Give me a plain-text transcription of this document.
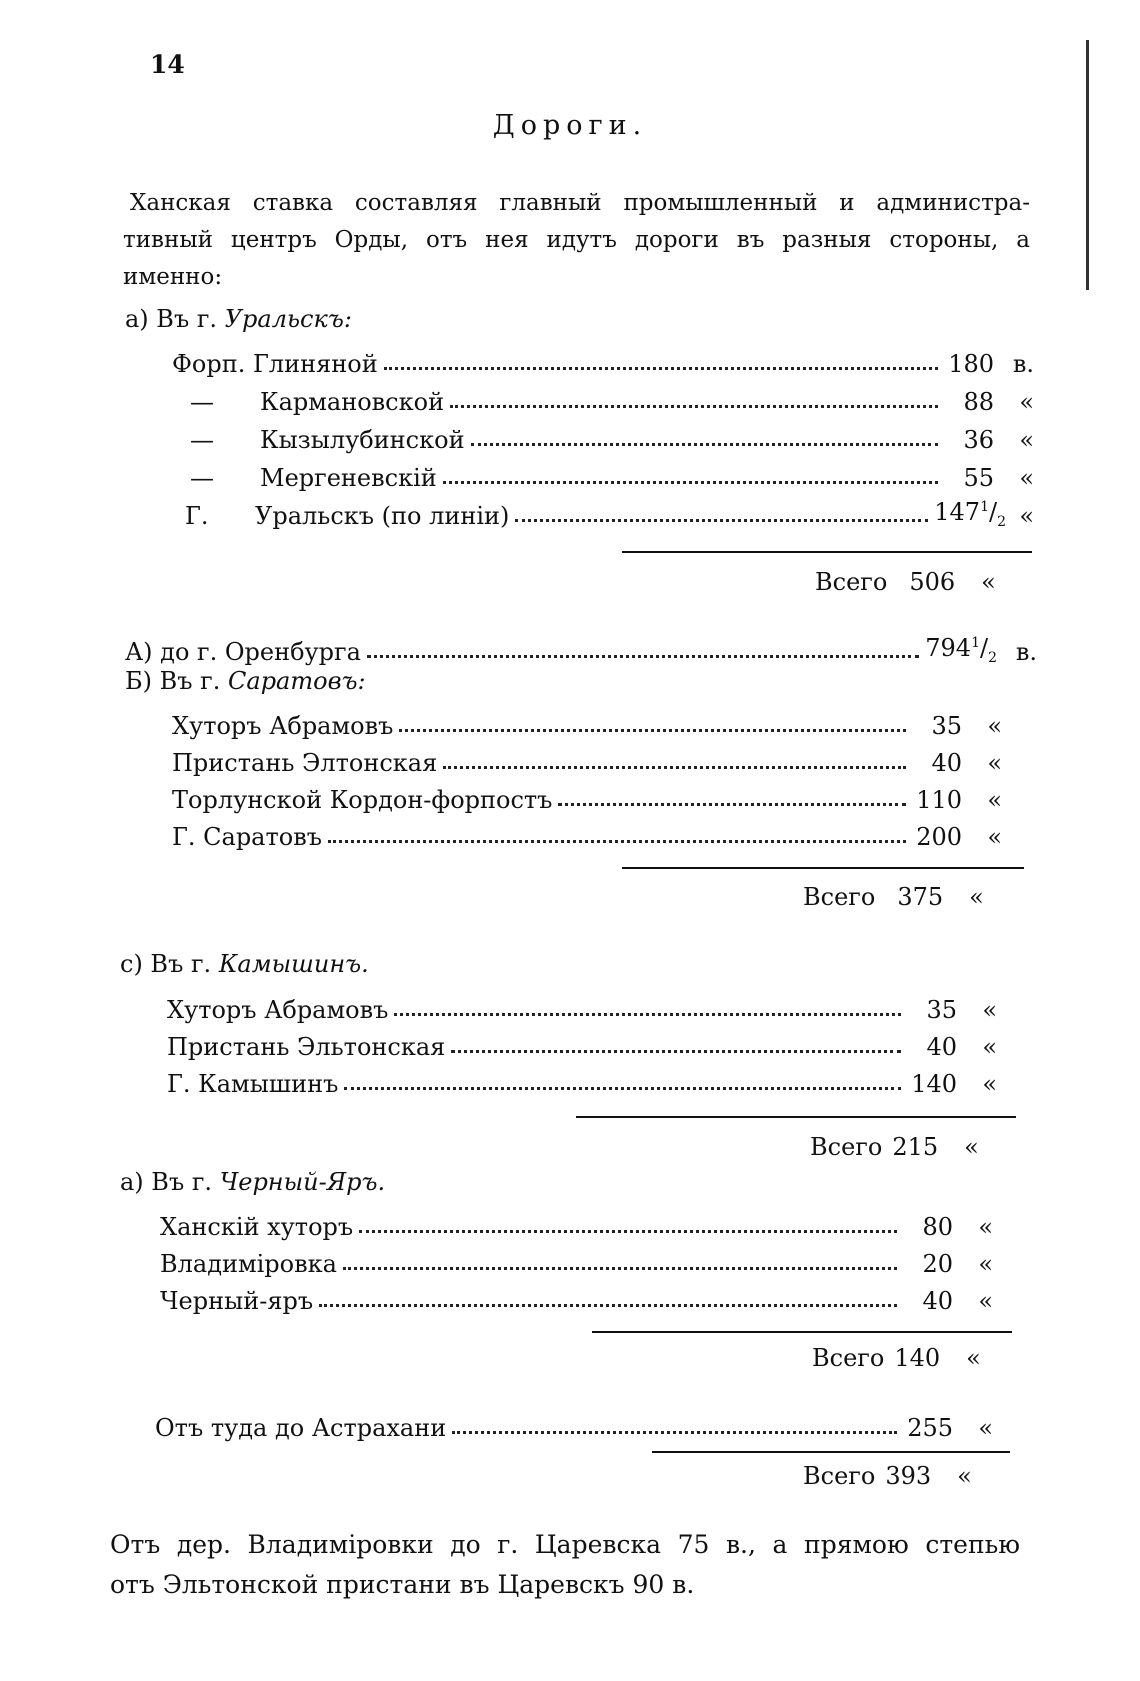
14
Дороги.
Ханская ставка составляя главный промышленный и администра-
тивный центръ Орды, отъ нея идутъ дороги въ разныя стороны, а
именно:
а) Въ г. Уральскъ:
Форп. Глиняной	180 в.
—	Кармановской	88	«
—	Кызылубинской	36	«
—	Мергеневскій	55	«
Г.	Уральскъ (по линіи)	$147^1/_2$ «
Всего 506 «
А) до г. Оренбурга	$794^1/_2$ в.
Б) Въ г. Саратовъ:
Хуторъ Абрамовъ	35	«
Пристань Элтонская	40	«
Торлунской Кордон-форпостъ	110	«
Г. Саратовъ	200	«
Всего 375 «
с) Въ г. Камышинъ.
Хуторъ Абрамовъ	35	«
Пристань Эльтонская	40	«
Г. Камышинъ	140	«
Всего 215 «
а) Въ г. Черный-Яръ.
Ханскій хуторъ	80	«
Владиміровка	20	«
Черный-яръ	40	«
Всего 140 «
Отъ туда до Астрахани	255	«
Всего 393 «
Отъ дер. Владиміровки до г. Царевска 75 в., а прямою степью
отъ Эльтонской пристани въ Царевскъ 90 в.
